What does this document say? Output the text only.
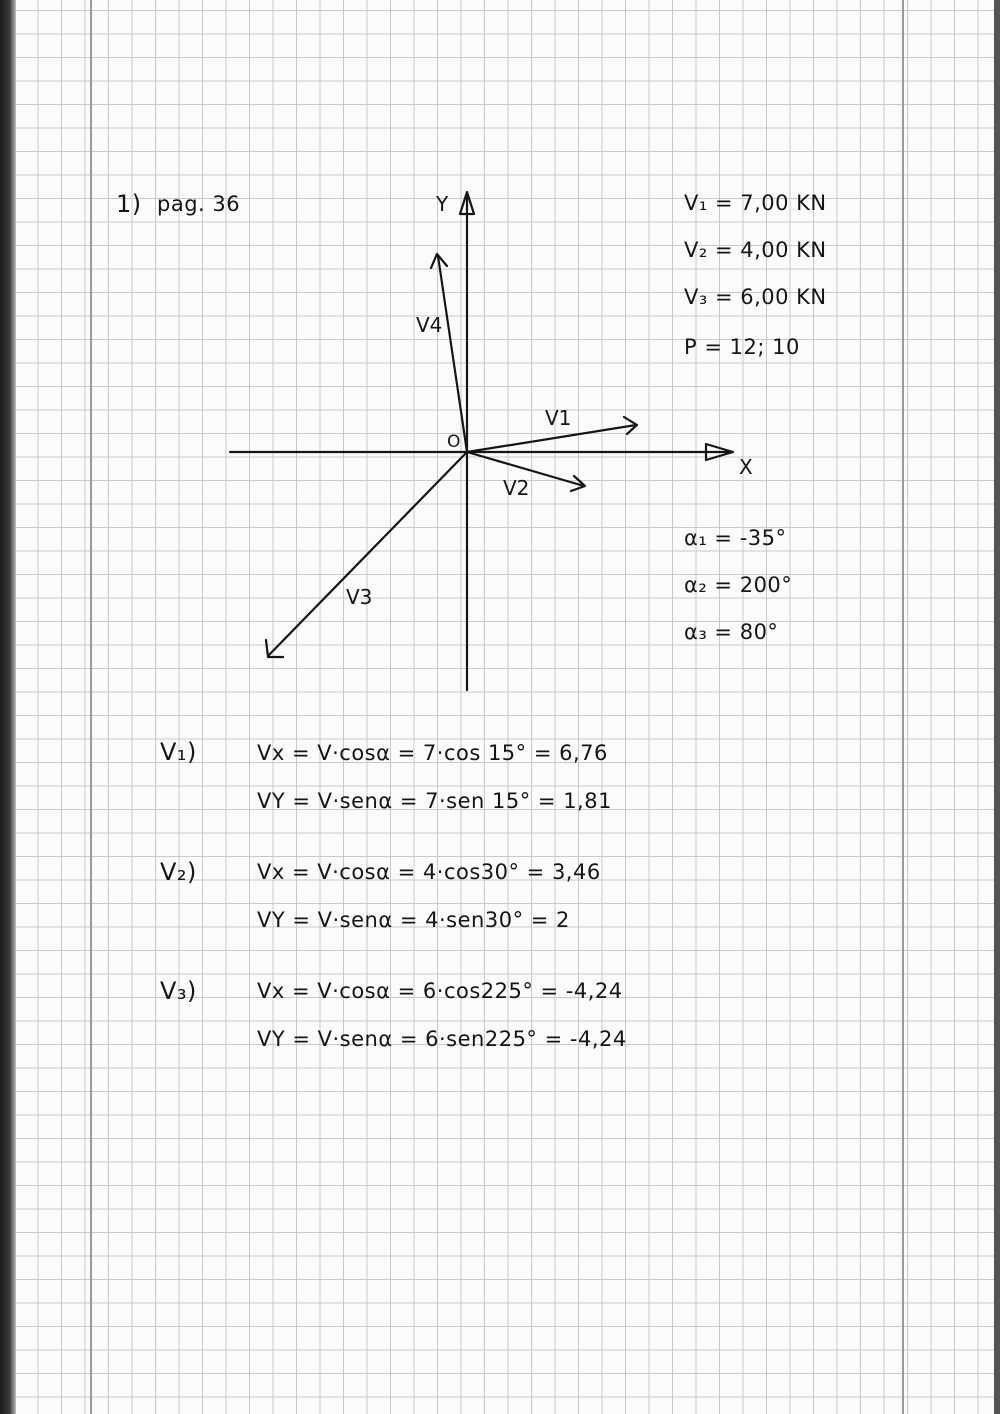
1) pag. 36	Y
X
O
V1
V2
V3
V4
V₁ = 7,00 KN
V₂ = 4,00 KN
V₃ = 6,00 KN
P = 12; 10
α₁ = -35°
α₂ = 200°
α₃ = 80°
V₁)	Vx = V·cosα = 7·cos 15° = 6,76
VY = V·senα = 7·sen 15° = 1,81
V₂)	Vx = V·cosα = 4·cos30° = 3,46
VY = V·senα = 4·sen30° = 2
V₃)	Vx = V·cosα = 6·cos225° = -4,24
VY = V·senα = 6·sen225° = -4,24
